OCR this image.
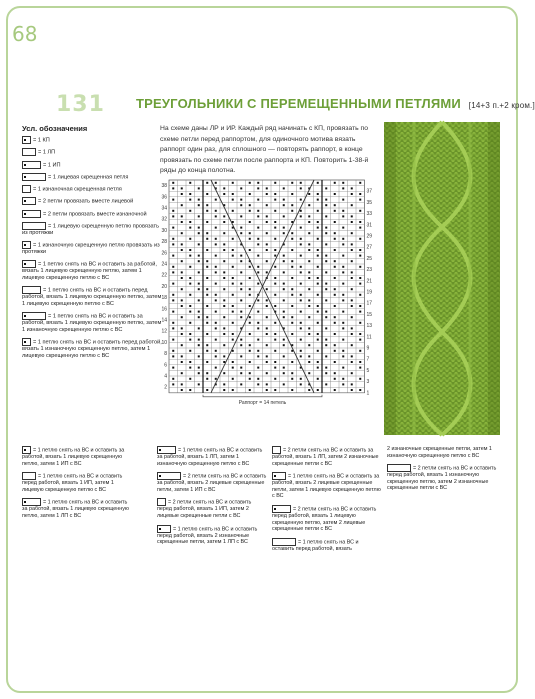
68
131 ТРЕУГОЛЬНИКИ С ПЕРЕМЕЩЕННЫМИ ПЕТЛЯМИ [14+3 п.+2 кром.]
Усл. обозначения
= 1 КП
= 1 ЛП
= 1 ИП
= 1 лицевая скрещенная петля
= 1 изнаночная скрещенная петля
= 2 петли провязать вместе лицевой
= 2 петли провязать вместе изнаночной
= 1 лицевую скрещенную петлю провязать из протяжки
= 1 изнаночную скрещенную петлю провязать из протяжки
= 1 петлю снять на ВС и оставить за работой, вязать 1 лицевую скрещенную петлю, затем 1 лицевую скрещенную петлю с ВС
= 1 петлю снять на ВС и оставить перед работой, вязать 1 лицевую скрещенную петлю, затем 1 лицевую скрещенную петлю с ВС
= 1 петлю снять на ВС и оставить за работой, вязать 1 лицевую скрещенную петлю, затем 1 изнаночную скрещенную петлю с ВС
= 1 петлю снять на ВС и оставить перед работой, вязать 1 изнаночную скрещенную петлю, затем 1 лицевую скрещенную петлю с ВС
На схеме даны ЛР и ИР. Каждый ряд начинать с КП, провязать по схеме петли перед раппортом, для одиночного мотива вязать раппорт один раз, для сплошного — повторять раппорт, в конце провязать по схеме петли после раппорта и КП. Повторить 1-38-й ряды до конца полотна.
38
36
34
32
30
28
26
24
22
20
18
16
14
12
10
8
6
4
2
37
35
33
31
29
27
25
23
21
19
17
15
13
11
9
7
5
3
1
Раппорт = 14 петель
= 1 петлю снять на ВС и оставить за работой, вязать 1 лицевую скрещенную петлю, затем 1 ИП с ВС
= 1 петлю снять на ВС и оставить перед работой, вязать 1 ИП, затем 1 лицевую скрещенную петлю с ВС
= 1 петлю снять на ВС и оставить за работой, вязать 1 лицевую скрещенную петлю, затем 1 ЛП с ВС
= 1 петлю снять на ВС и оставить за работой, вязать 1 ЛП, затем 1 изнаночную скрещенную петлю с ВС
= 2 петли снять на ВС и оставить за работой, вязать 2 лицевые скрещенные петли, затем 1 ИП с ВС
= 2 петли снять на ВС и оставить перед работой, вязать 1 ИП, затем 2 лицевые скрещенные петли с ВС
= 1 петлю снять на ВС и оставить перед работой, вязать 2 изнаночные скрещенные петли, затем 1 ЛП с ВС
= 2 петли снять на ВС и оставить за работой, вязать 1 ЛП, затем 2 изнаночные скрещенные петли с ВС
= 1 петлю снять на ВС и оставить за работой, вязать 2 лицевые скрещенные петли, затем 1 лицевую скрещенную петлю с ВС
= 2 петли снять на ВС и оставить перед работой, вязать 1 лицевую скрещенную петлю, затем 2 лицевые скрещенные петли с ВС
= 1 петлю снять на ВС и оставить перед работой, вязать
2 изнаночные скрещенные петли, затем 1 изнаночную скрещенную петлю с ВС
= 2 петли снять на ВС и оставить перед работой, вязать 1 изнаночную скрещенную петлю, затем 2 изнаночные скрещенные петли с ВС
